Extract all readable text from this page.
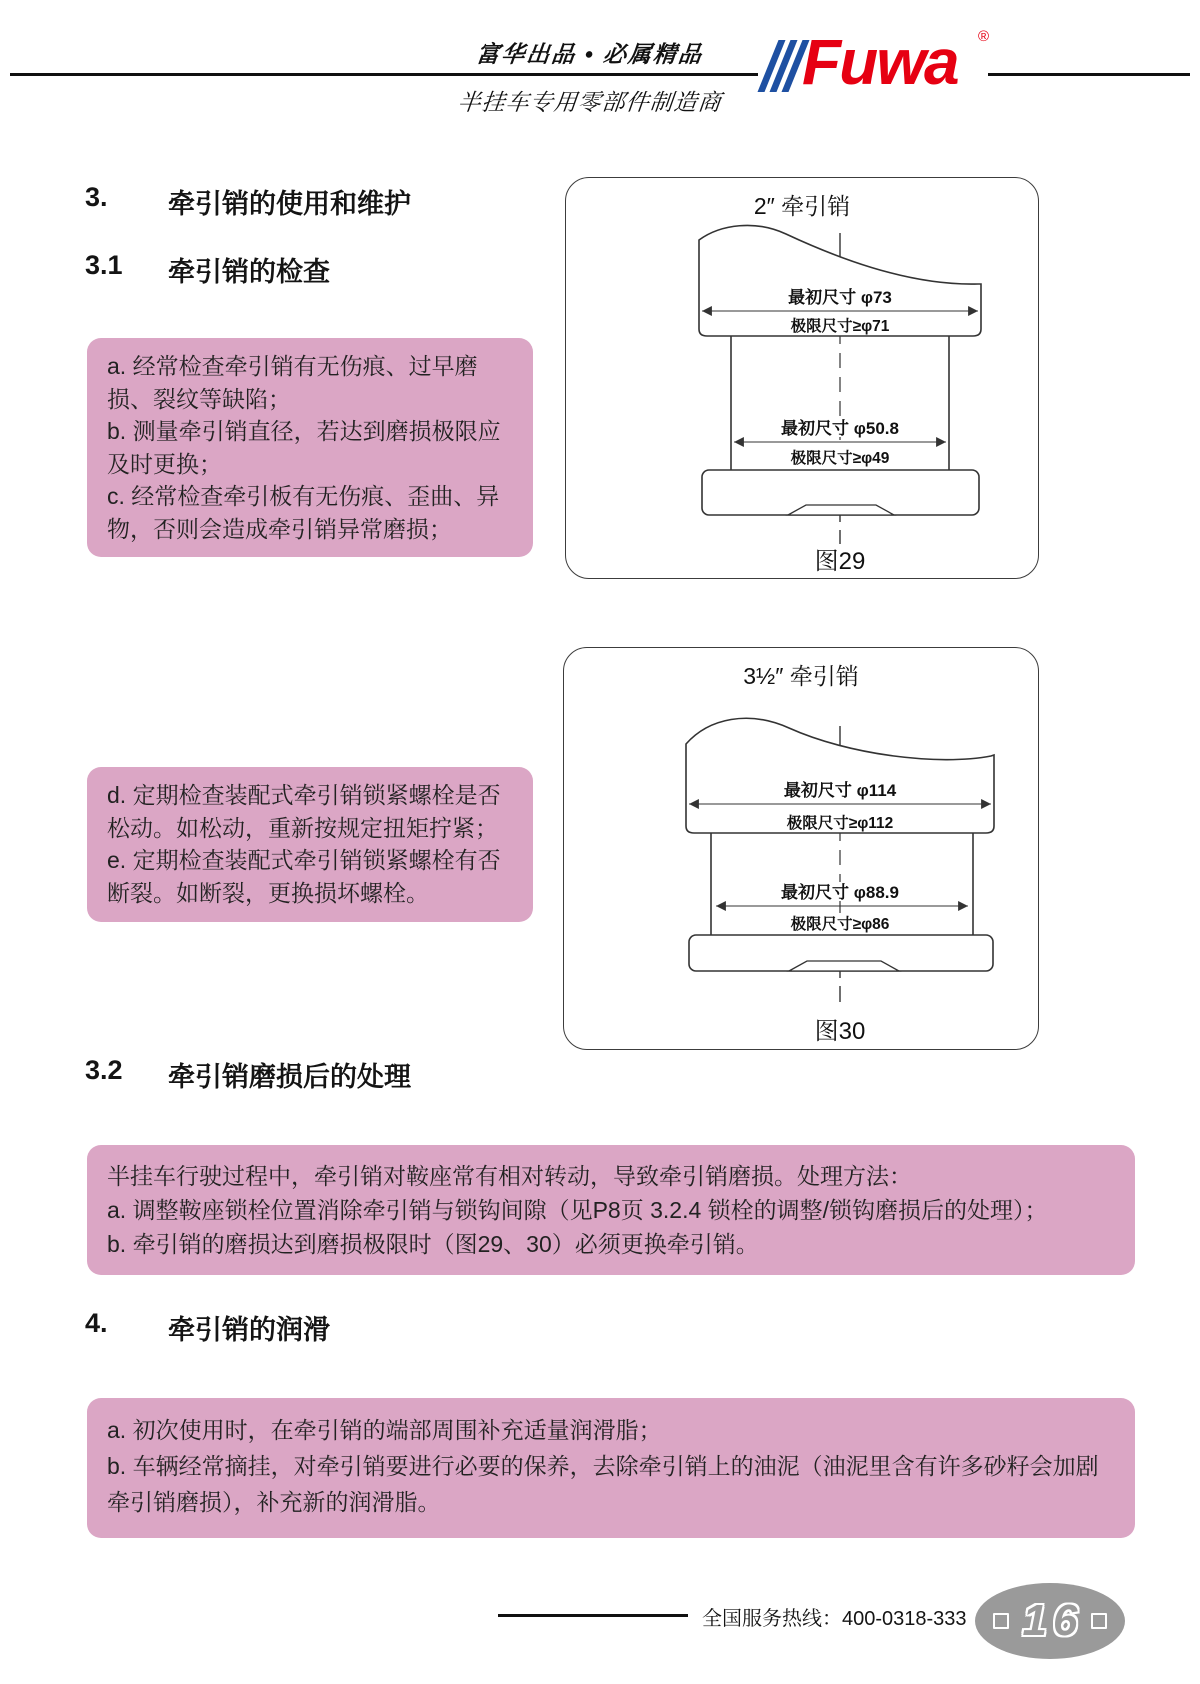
富华出品 • 必属精品
半挂车专用零部件制造商
Fuwa ®
3.	牵引销的使用和维护
3.1	牵引销的检查

a. 经常检查牵引销有无伤痕、过早磨损、裂纹等缺陷；

b. 测量牵引销直径，若达到磨损极限应及时更换；

c. 经常检查牵引板有无伤痕、歪曲、异物，否则会造成牵引销异常磨损；

2″ 牵引销
最初尺寸 φ73
极限尺寸≥φ71
最初尺寸 φ50.8
极限尺寸≥φ49
图29

d. 定期检查装配式牵引销锁紧螺栓是否松动。如松动，重新按规定扭矩拧紧；

e. 定期检查装配式牵引销锁紧螺栓有否断裂。如断裂，更换损坏螺栓。

3½″ 牵引销
最初尺寸 φ114
极限尺寸≥φ112
最初尺寸 φ88.9
极限尺寸≥φ86
图30
3.2	牵引销磨损后的处理

半挂车行驶过程中，牵引销对鞍座常有相对转动，导致牵引销磨损。处理方法：

a. 调整鞍座锁栓位置消除牵引销与锁钩间隙（见P8页 3.2.4 锁栓的调整/锁钩磨损后的处理）；

b. 牵引销的磨损达到磨损极限时（图29、30）必须更换牵引销。

4.	牵引销的润滑

a. 初次使用时，在牵引销的端部周围补充适量润滑脂；

b. 车辆经常摘挂，对牵引销要进行必要的保养，去除牵引销上的油泥（油泥里含有许多砂籽会加剧牵引销磨损），补充新的润滑脂。

全国服务热线：400-0318-333 16
